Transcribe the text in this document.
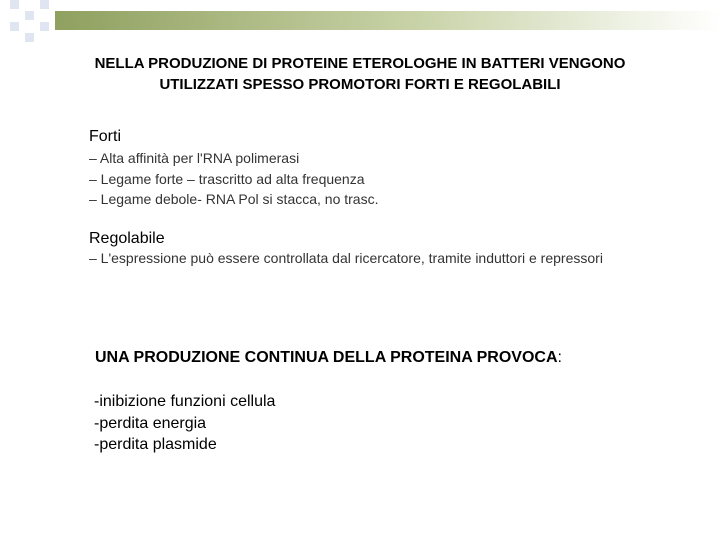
NELLA PRODUZIONE DI PROTEINE ETEROLOGHE IN BATTERI VENGONO
UTILIZZATI SPESSO PROMOTORI FORTI E REGOLABILI
Forti
– Alta affinità per l'RNA polimerasi
– Legame forte – trascritto ad alta frequenza
– Legame debole- RNA Pol si stacca, no trasc.
Regolabile
– L'espressione può essere controllata dal ricercatore, tramite induttori e repressori
UNA PRODUZIONE CONTINUA DELLA PROTEINA PROVOCA:
-inibizione funzioni cellula
-perdita energia
-perdita plasmide
